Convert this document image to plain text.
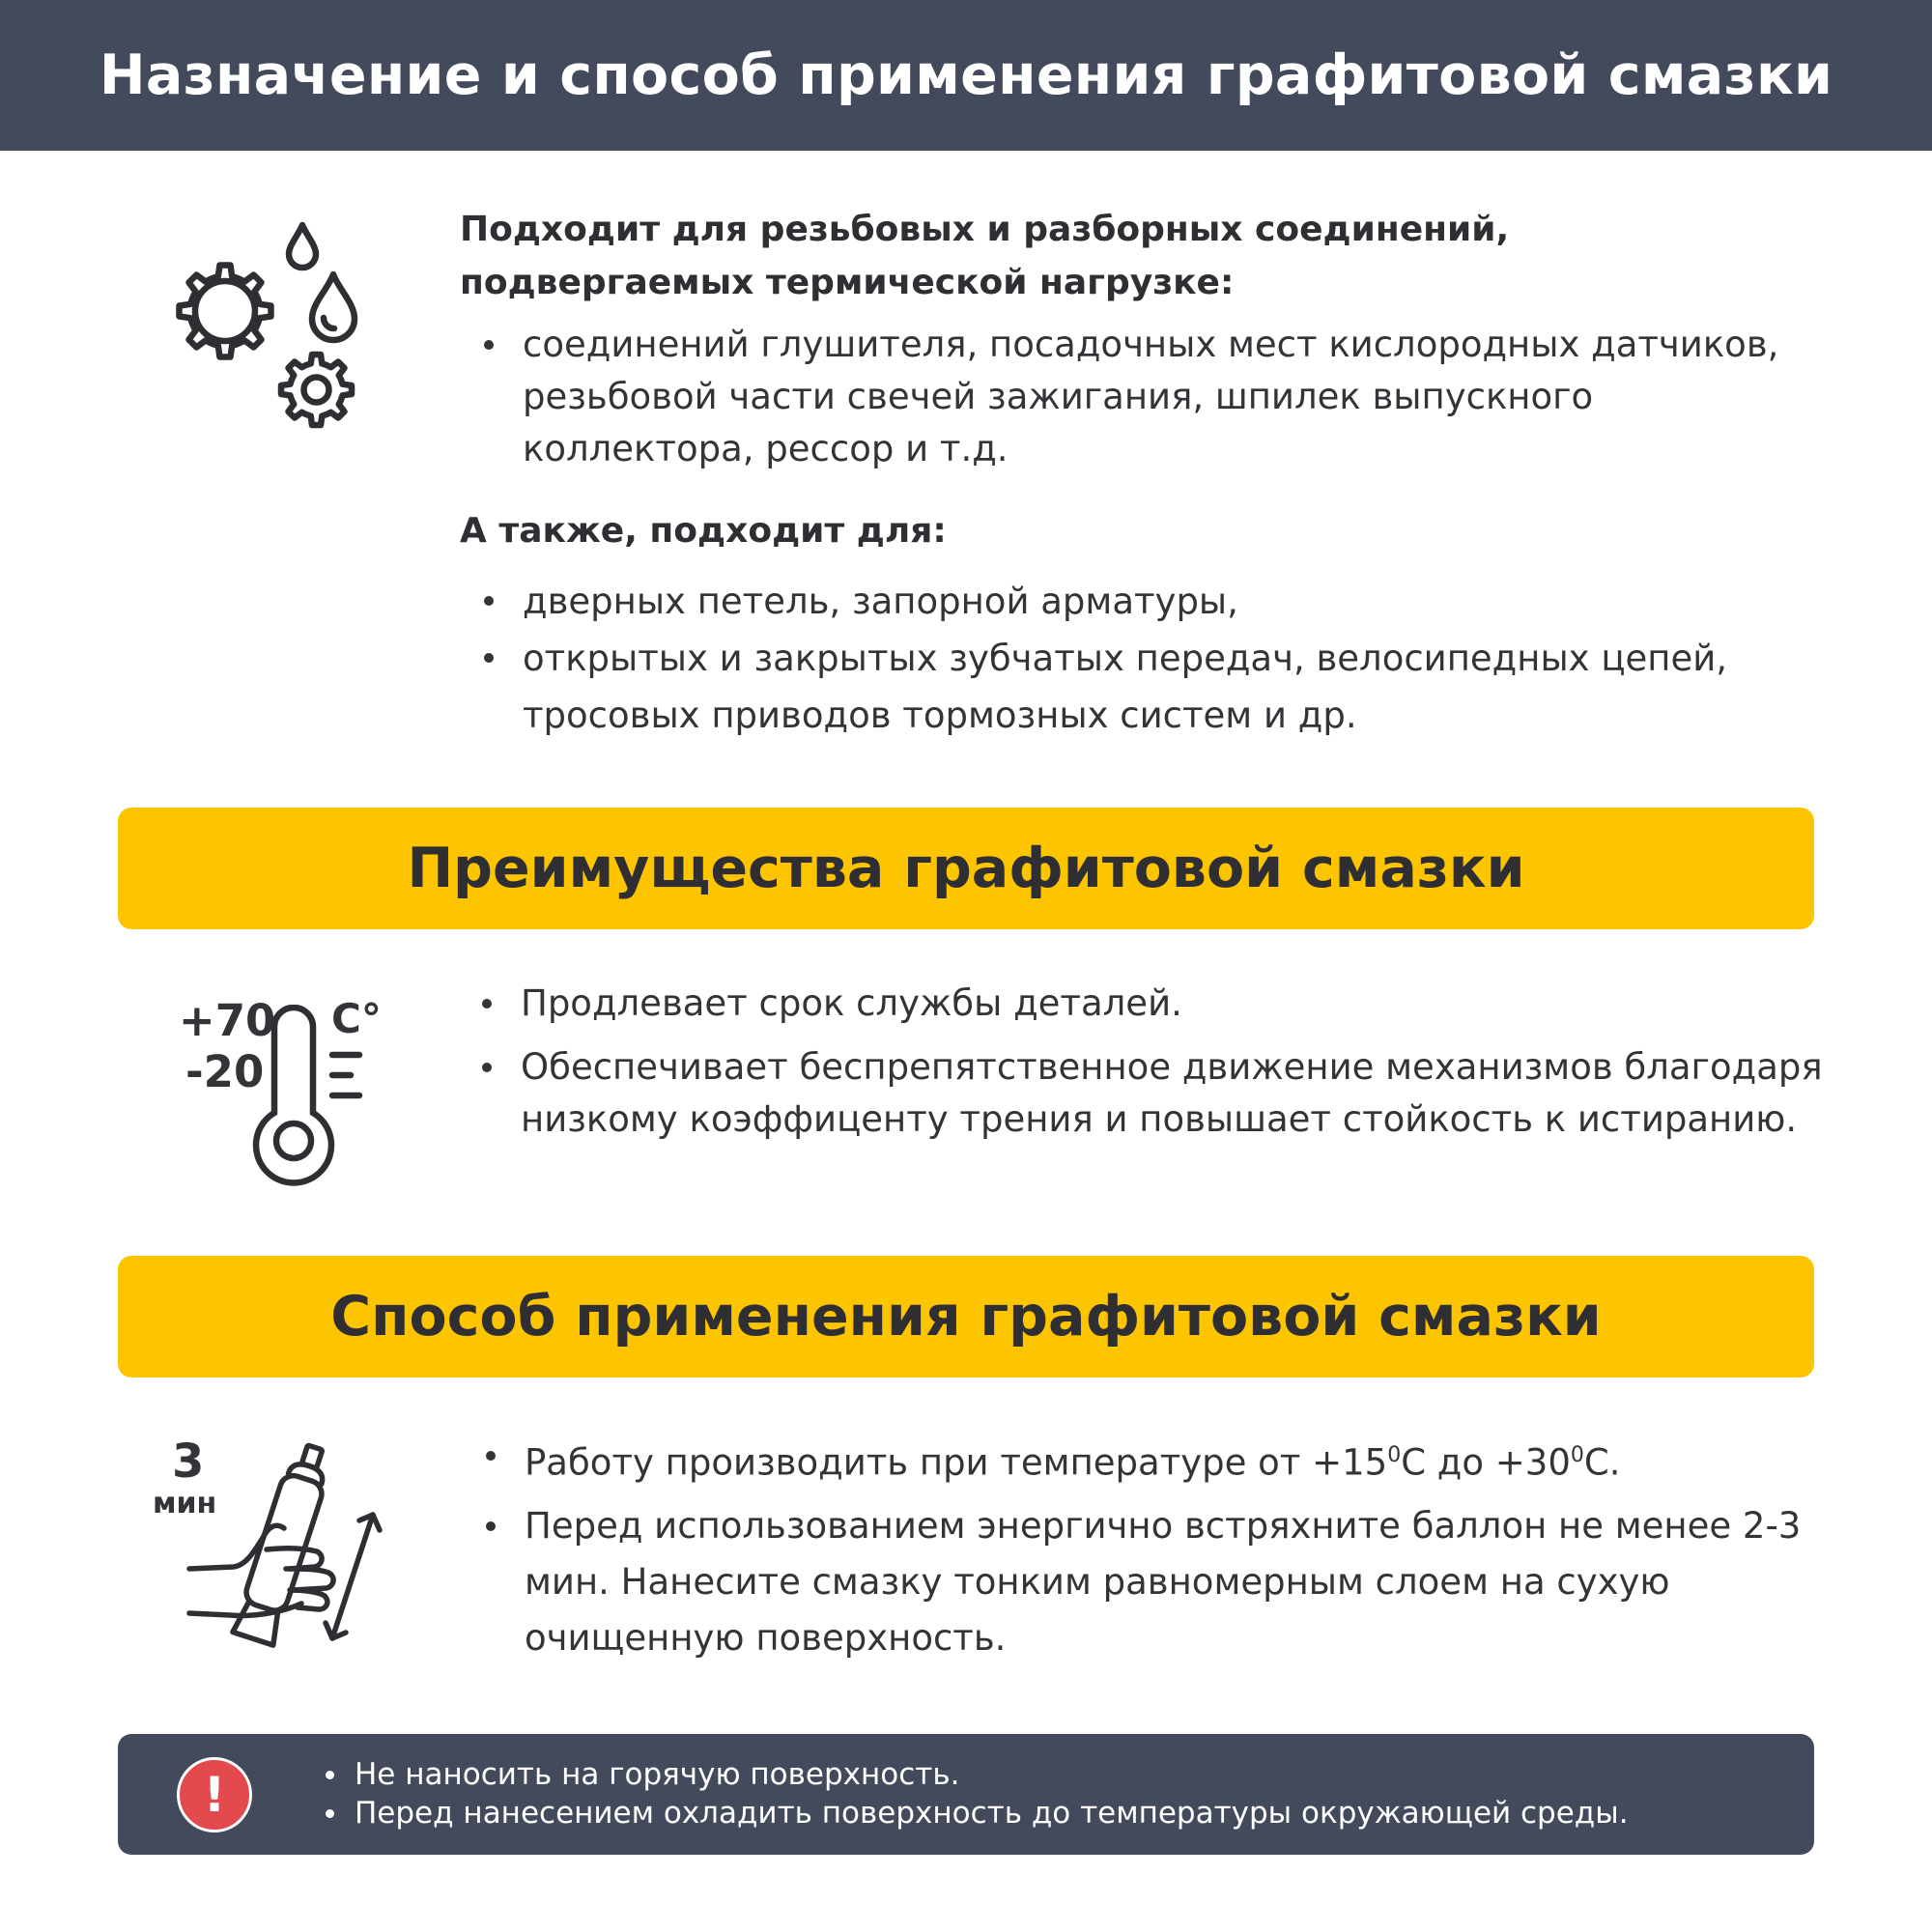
Назначение и способ применения графитовой смазки

Подходит для резьбовых и разборных соединений,

подвергаемых термической нагрузке:

соединений глушителя, посадочных мест кислородных датчиков, резьбовой части свечей зажигания, шпилек выпускного коллектора, рессор и т.д.

А также, подходит для:

дверных петель, запорной арматуры,
открытых и закрытых зубчатых передач, велосипедных цепей, тросовых приводов тормозных систем и др.
Преимущества графитовой смазки
+70
-20
C°	Продлевает срок службы деталей.
Обеспечивает беспрепятственное движение механизмов благодаря низкому коэффиценту трения и повышает стойкость к истиранию.
Способ применения графитовой смазки
3
мин
Работу производить при температуре от $+15^0С$ до $+30^0С$.
Перед использованием энергично встряхните баллон не менее 2-3 мин. Нанесите смазку тонким равномерным слоем на сухую очищенную поверхность.
!	Не наносить на горячую поверхность.
Перед нанесением охладить поверхность до температуры окружающей среды.
